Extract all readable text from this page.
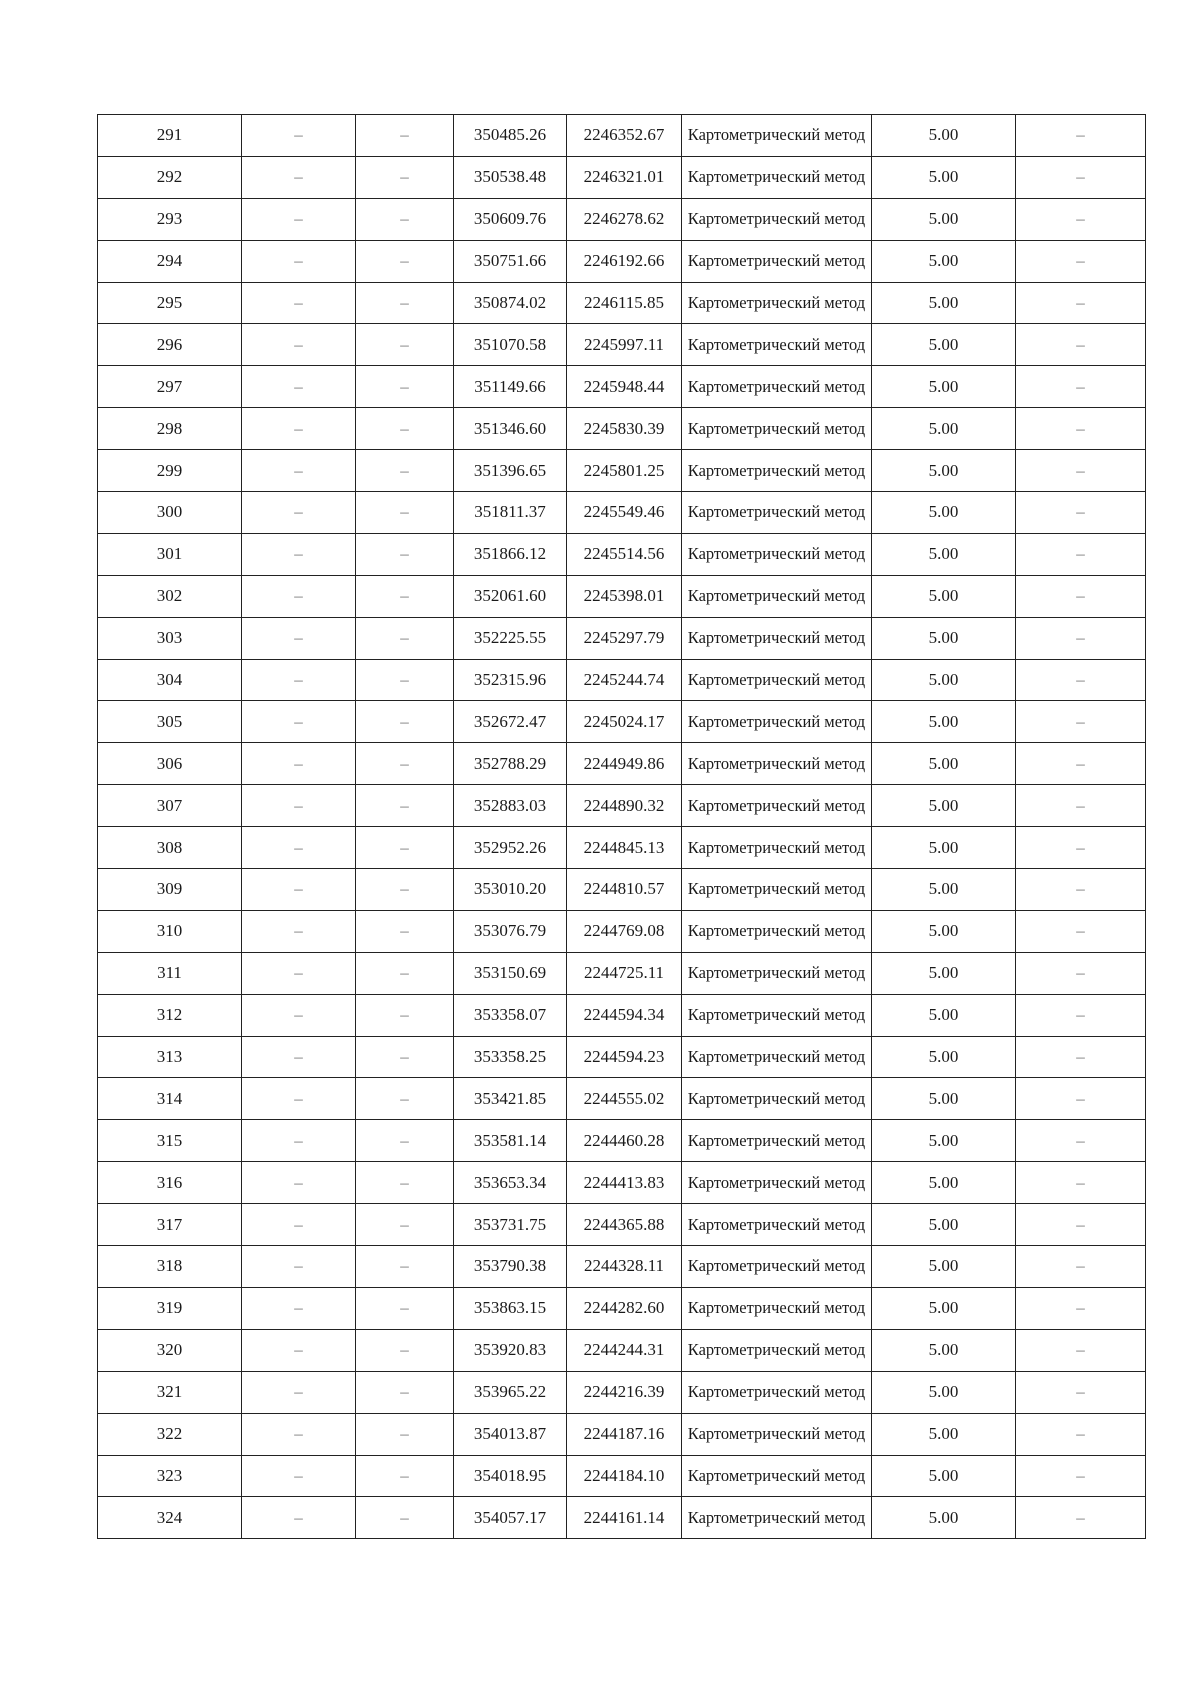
291	–	–	350485.26	2246352.67	Картометрический метод	5.00	–
292	–	–	350538.48	2246321.01	Картометрический метод	5.00	–
293	–	–	350609.76	2246278.62	Картометрический метод	5.00	–
294	–	–	350751.66	2246192.66	Картометрический метод	5.00	–
295	–	–	350874.02	2246115.85	Картометрический метод	5.00	–
296	–	–	351070.58	2245997.11	Картометрический метод	5.00	–
297	–	–	351149.66	2245948.44	Картометрический метод	5.00	–
298	–	–	351346.60	2245830.39	Картометрический метод	5.00	–
299	–	–	351396.65	2245801.25	Картометрический метод	5.00	–
300	–	–	351811.37	2245549.46	Картометрический метод	5.00	–
301	–	–	351866.12	2245514.56	Картометрический метод	5.00	–
302	–	–	352061.60	2245398.01	Картометрический метод	5.00	–
303	–	–	352225.55	2245297.79	Картометрический метод	5.00	–
304	–	–	352315.96	2245244.74	Картометрический метод	5.00	–
305	–	–	352672.47	2245024.17	Картометрический метод	5.00	–
306	–	–	352788.29	2244949.86	Картометрический метод	5.00	–
307	–	–	352883.03	2244890.32	Картометрический метод	5.00	–
308	–	–	352952.26	2244845.13	Картометрический метод	5.00	–
309	–	–	353010.20	2244810.57	Картометрический метод	5.00	–
310	–	–	353076.79	2244769.08	Картометрический метод	5.00	–
311	–	–	353150.69	2244725.11	Картометрический метод	5.00	–
312	–	–	353358.07	2244594.34	Картометрический метод	5.00	–
313	–	–	353358.25	2244594.23	Картометрический метод	5.00	–
314	–	–	353421.85	2244555.02	Картометрический метод	5.00	–
315	–	–	353581.14	2244460.28	Картометрический метод	5.00	–
316	–	–	353653.34	2244413.83	Картометрический метод	5.00	–
317	–	–	353731.75	2244365.88	Картометрический метод	5.00	–
318	–	–	353790.38	2244328.11	Картометрический метод	5.00	–
319	–	–	353863.15	2244282.60	Картометрический метод	5.00	–
320	–	–	353920.83	2244244.31	Картометрический метод	5.00	–
321	–	–	353965.22	2244216.39	Картометрический метод	5.00	–
322	–	–	354013.87	2244187.16	Картометрический метод	5.00	–
323	–	–	354018.95	2244184.10	Картометрический метод	5.00	–
324	–	–	354057.17	2244161.14	Картометрический метод	5.00	–
